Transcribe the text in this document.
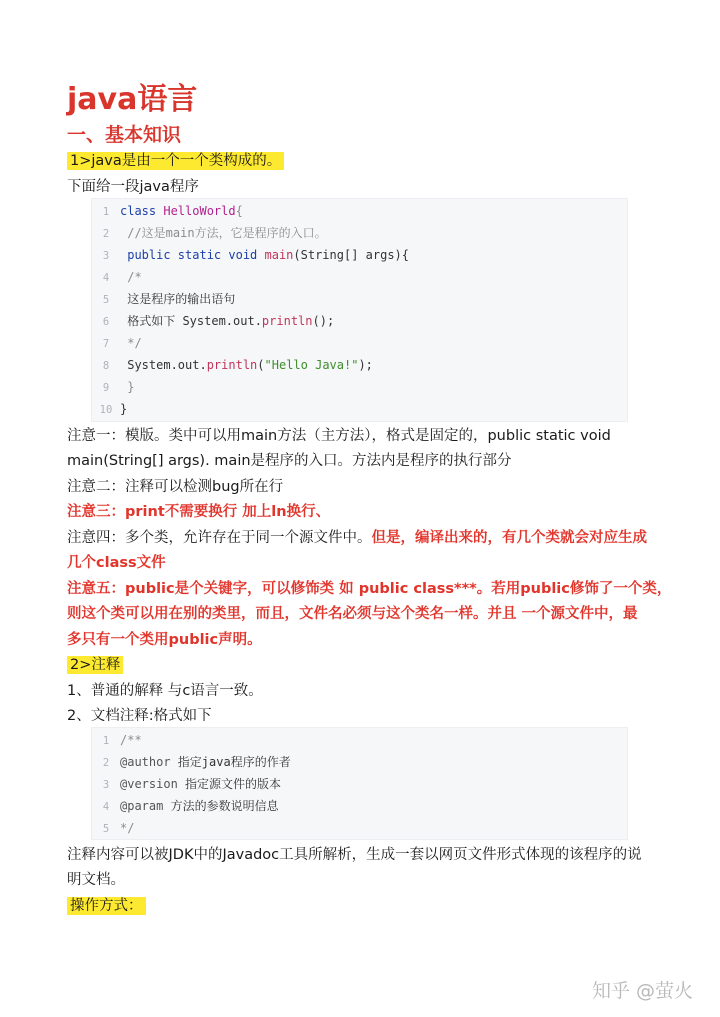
java语言
一、基本知识
1>java是由一个一个类构成的。
下面给一段java程序
1 class HelloWorld{
2 //这是main方法，它是程序的入口。
3 public static void main(String[] args){
4 /*
5 这是程序的输出语句
6 格式如下 System.out.println();
7 */
8 System.out.println("Hello Java!");
9 }
10 }
注意一：模版。类中可以用main方法（主方法），格式是固定的，public static void
main(String[] args). main是程序的入口。方法内是程序的执行部分
注意二：注释可以检测bug所在行
注意三：print不需要换行 加上ln换行、
注意四：多个类，允许存在于同一个源文件中。但是，编译出来的，有几个类就会对应生成
几个class文件
注意五：public是个关键字，可以修饰类 如 public class***。若用public修饰了一个类，
则这个类可以用在别的类里，而且，文件名必须与这个类名一样。并且 一个源文件中，最
多只有一个类用public声明。
2>注释
1、普通的解释 与c语言一致。
2、文档注释:格式如下
1 /**
2 @author 指定java程序的作者
3 @version 指定源文件的版本
4 @param 方法的参数说明信息
5 */
注释内容可以被JDK中的Javadoc工具所解析，生成一套以网页文件形式体现的该程序的说
明文档。
操作方式：
知乎 @萤火
